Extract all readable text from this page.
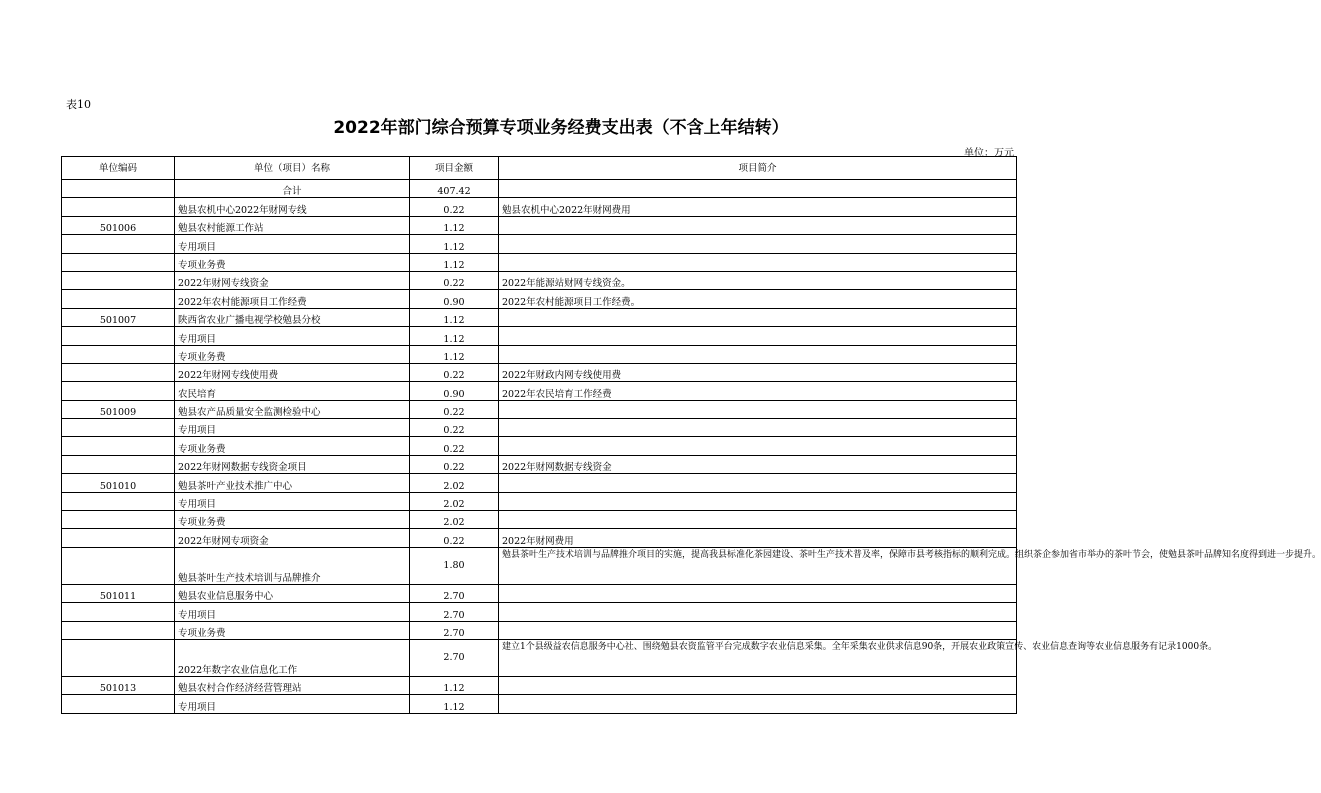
表10
2022年部门综合预算专项业务经费支出表（不含上年结转）
单位：万元
单位编码	单位（项目）名称	项目金额	项目简介
	合计	407.42	
	勉县农机中心2022年财网专线	0.22	勉县农机中心2022年财网费用
501006	勉县农村能源工作站	1.12	
	专用项目	1.12	
	专项业务费	1.12	
	2022年财网专线资金	0.22	2022年能源站财网专线资金。
	2022年农村能源项目工作经费	0.90	2022年农村能源项目工作经费。
501007	陕西省农业广播电视学校勉县分校	1.12	
	专用项目	1.12	
	专项业务费	1.12	
	2022年财网专线使用费	0.22	2022年财政内网专线使用费
	农民培育	0.90	2022年农民培育工作经费
501009	勉县农产品质量安全监测检验中心	0.22	
	专用项目	0.22	
	专项业务费	0.22	
	2022年财网数据专线资金项目	0.22	2022年财网数据专线资金
501010	勉县茶叶产业技术推广中心	2.02	
	专用项目	2.02	
	专项业务费	2.02	
	2022年财网专项资金	0.22	2022年财网费用
	勉县茶叶生产技术培训与品牌推介	1.80	勉县茶叶生产技术培训与品牌推介项目的实施，提高我县标准化茶园建设、茶叶生产技术普及率，保障市县考核指标的顺利完成。组织茶企参加省市举办的茶叶节会，使勉县茶叶品牌知名度得到进一步提升。
501011	勉县农业信息服务中心	2.70	
	专用项目	2.70	
	专项业务费	2.70	
	2022年数字农业信息化工作	2.70	建立1个县级益农信息服务中心社、围绕勉县农资监管平台完成数字农业信息采集。全年采集农业供求信息90条，开展农业政策宣传、农业信息查询等农业信息服务有记录1000条。
501013	勉县农村合作经济经营管理站	1.12	
	专用项目	1.12	
